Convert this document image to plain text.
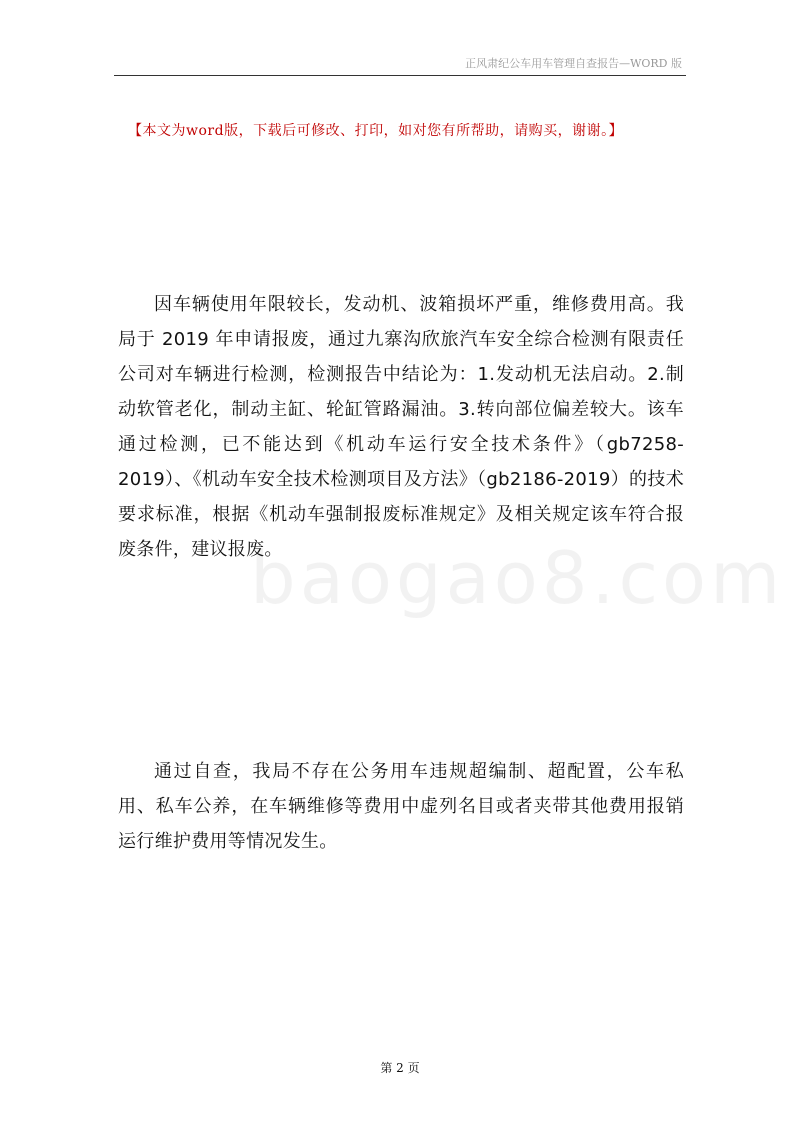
正风肃纪公车用车管理自查报告—WORD 版
【本文为word版，下载后可修改、打印，如对您有所帮助，请购买，谢谢。】
baogao8.com

因车辆使用年限较长，发动机、波箱损坏严重，维修费用高。我局于 2019 年申请报废，通过九寨沟欣旅汽车安全综合检测有限责任公司对车辆进行检测，检测报告中结论为：1.发动机无法启动。2.制动软管老化，制动主缸、轮缸管路漏油。3.转向部位偏差较大。该车通过检测，已不能达到《机动车运行安全技术条件》（gb7258-2019）、《机动车安全技术检测项目及方法》（gb2186-2019）的技术要求标准，根据《机动车强制报废标准规定》及相关规定该车符合报废条件，建议报废。

通过自查，我局不存在公务用车违规超编制、超配置，公车私用、私车公养，在车辆维修等费用中虚列名目或者夹带其他费用报销运行维护费用等情况发生。

第 2 页
